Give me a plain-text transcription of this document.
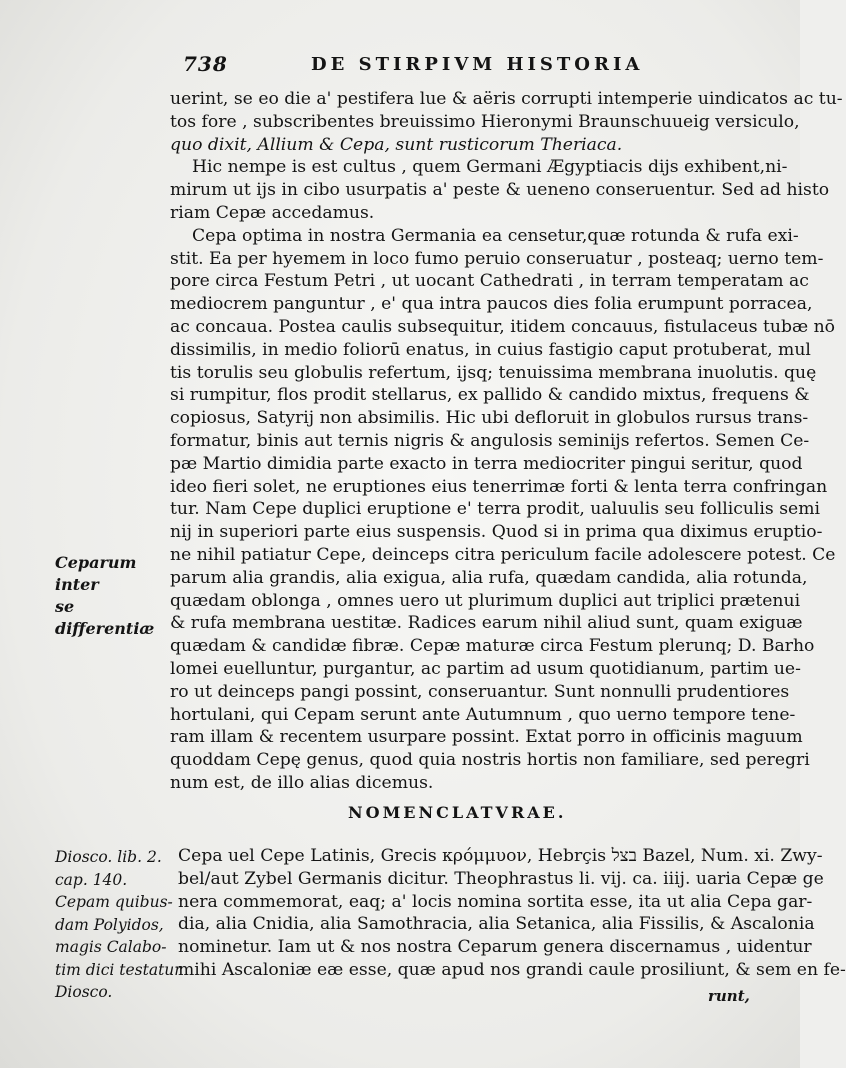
738	DE STIRPIVM HISTORIA

uerint, se eo die a' pestifera lue & aëris corrupti intemperie uindicatos ac tu-
tos fore , subscribentes breuissimo Hieronymi Braunschuueig versiculo,
quo dixit, Allium & Cepa, sunt rusticorum Theriaca.

Hic nempe is est cultus , quem Germani Ægyptiacis dijs exhibent,ni-
mirum ut ijs in cibo usurpatis a' peste & ueneno conseruentur. Sed ad histo
riam Cepæ accedamus.

Cepa optima in nostra Germania ea censetur,quæ rotunda & rufa exi-
stit. Ea per hyemem in loco fumo peruio conseruatur , posteaq; uerno tem-
pore circa Festum Petri , ut uocant Cathedrati , in terram temperatam ac
mediocrem panguntur , e' qua intra paucos dies folia erumpunt porracea,
ac concaua. Postea caulis subsequitur, itidem concauus, fistulaceus tubæ nō
dissimilis, in medio foliorū enatus, in cuius fastigio caput protuberat, mul
tis torulis seu globulis refertum, ijsq; tenuissima membrana inuolutis. quę
si rumpitur, flos prodit stellarus, ex pallido & candido mixtus, frequens &
copiosus, Satyrij non absimilis. Hic ubi defloruit in globulos rursus trans-
formatur, binis aut ternis nigris & angulosis seminijs refertos. Semen Ce-
pæ Martio dimidia parte exacto in terra mediocriter pingui seritur, quod
ideo fieri solet, ne eruptiones eius tenerrimæ forti & lenta terra confringan
tur. Nam Cepe duplici eruptione e' terra prodit, ualuulis seu folliculis semi
nij in superiori parte eius suspensis. Quod si in prima qua diximus eruptio-
ne nihil patiatur Cepe, deinceps citra periculum facile adolescere potest. Ce
parum alia grandis, alia exigua, alia rufa, quædam candida, alia rotunda,
quædam oblonga , omnes uero ut plurimum duplici aut triplici prætenui
& rufa membrana uestitæ. Radices earum nihil aliud sunt, quam exiguæ
quædam & candidæ fibræ. Cepæ maturæ circa Festum plerunq; D. Barho
lomei euelluntur, purgantur, ac partim ad usum quotidianum, partim ue-
ro ut deinceps pangi possint, conseruantur. Sunt nonnulli prudentiores
hortulani, qui Cepam serunt ante Autumnum , quo uerno tempore tene-
ram illam & recentem usurpare possint. Extat porro in officinis maguum
quoddam Cepę genus, quod quia nostris hortis non familiare, sed peregri
num est, de illo alias dicemus.

NOMENCLATVRAE.
Cepa uel Cepe Latinis, Grecis κρόμμυον, Hebrçis בצל Bazel, Num. xi. Zwy-
bel/aut Zybel Germanis dicitur. Theophrastus li. vij. ca. iiij. uaria Cepæ ge
nera commemorat, eaq; a' locis nomina sortita esse, ita ut alia Cepa gar-
dia, alia Cnidia, alia Samothracia, alia Setanica, alia Fissilis, & Ascalonia
nominetur. Iam ut & nos nostra Ceparum genera discernamus , uidentur
mihi Ascaloniæ eæ esse, quæ apud nos grandi caule prosiliunt, & sem en fe-
runt,
Ceparum inter
se differentiæ
Diosco. lib. 2.
cap. 140.
Cepam quibus-
dam Polyidos,
magis Calabo-
tim dici testatur
Diosco.
